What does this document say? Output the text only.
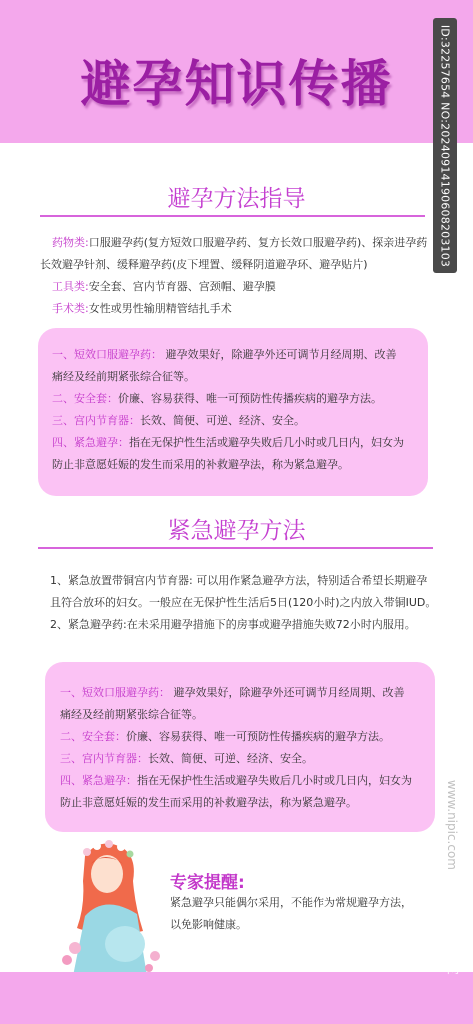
避孕知识传播	ID:32257654 NO:20240914190608203103
避孕方法指导
药物类:口服避孕药(复方短效口服避孕药、复方长效口服避孕药)、探亲进孕药
长效避孕针剂、缓释避孕药(皮下埋置、缓释阴道避孕环、避孕贴片)
工具类:安全套、宫内节育器、宫颈帽、避孕膜
手术类:女性或男性输朋精管结扎手术
一、短效口服避孕药： 避孕效果好，除避孕外还可调节月经周期、改善
痛经及经前期紧张综合征等。
二、安全套：价廉、容易获得、唯一可预防性传播疾病的避孕方法。
三、宫内节育器：长效、简便、可逆、经济、安全。
四、紧急避孕：指在无保护性生活或避孕失败后几小时或几日内，妇女为
防止非意愿妊娠的发生而采用的补救避孕法，称为紧急避孕。
紧急避孕方法
1、紧急放置带铜宫内节育器: 可以用作紧急避孕方法，特别适合希望长期避孕
且符合放环的妇女。一般应在无保护性生活后5日(120小时)之内放入带铜IUD。
2、紧急避孕药:在未采用避孕措施下的房事或避孕措施失败72小时内服用。
一、短效口服避孕药： 避孕效果好，除避孕外还可调节月经周期、改善
痛经及经前期紧张综合征等。
二、安全套：价廉、容易获得、唯一可预防性传播疾病的避孕方法。
三、宫内节育器：长效、简便、可逆、经济、安全。
四、紧急避孕：指在无保护性生活或避孕失败后几小时或几日内，妇女为
防止非意愿妊娠的发生而采用的补救避孕法，称为紧急避孕。
专家提醒:
紧急避孕只能偶尔采用，不能作为常规避孕方法，
以免影响健康。
www.nipic.com
昵图网
